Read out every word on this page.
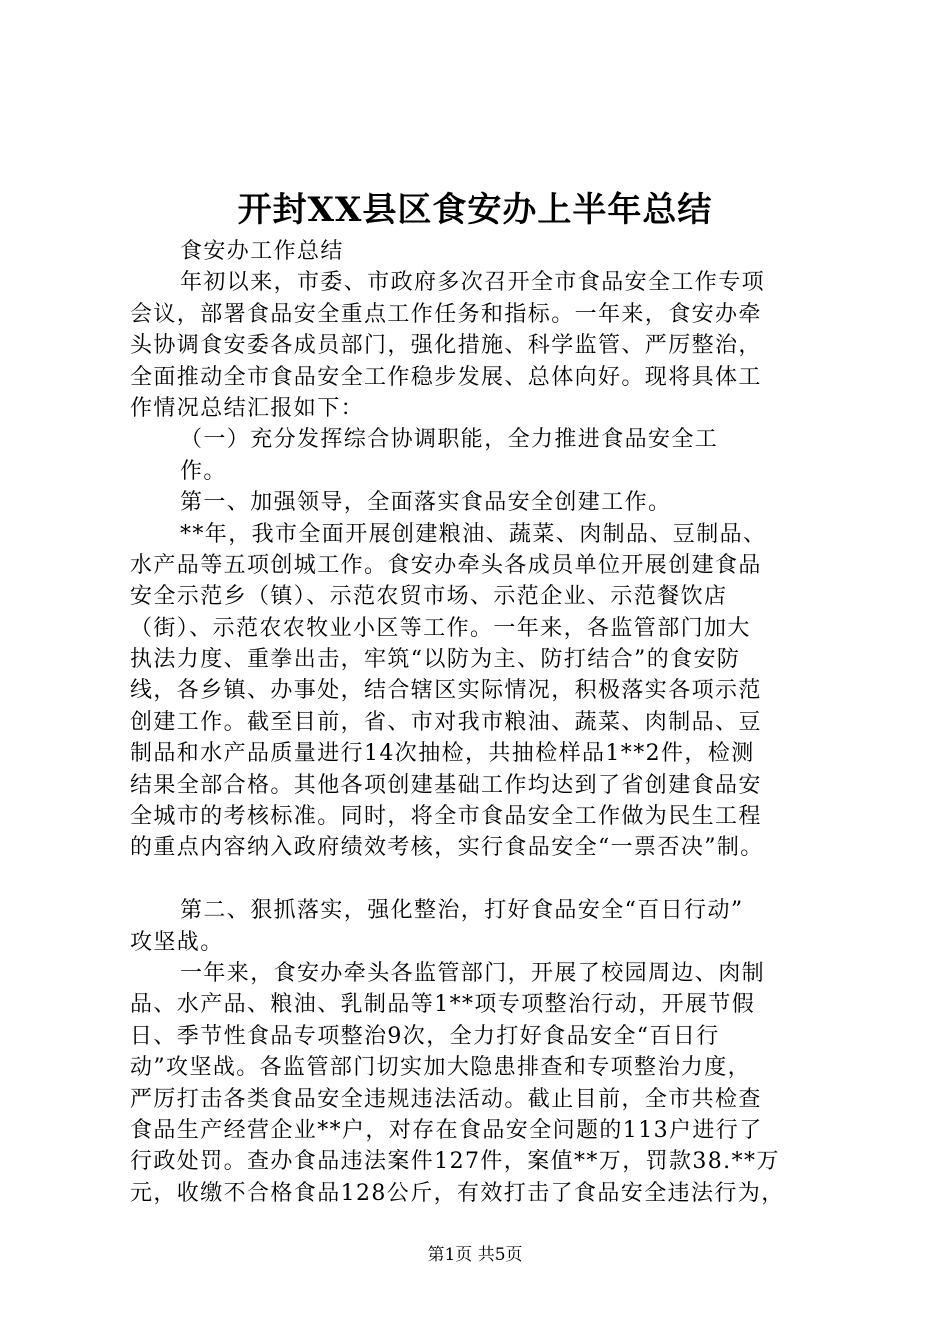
开封XX县区食安办上半年总结
食安办工作总结
年初以来，市委、市政府多次召开全市食品安全工作专项
会议，部署食品安全重点工作任务和指标。一年来，食安办牵
头协调食安委各成员部门，强化措施、科学监管、严厉整治，
全面推动全市食品安全工作稳步发展、总体向好。现将具体工
作情况总结汇报如下：
（一）充分发挥综合协调职能，全力推进食品安全工
作。
第一、加强领导，全面落实食品安全创建工作。
**年，我市全面开展创建粮油、蔬菜、肉制品、豆制品、
水产品等五项创城工作。食安办牵头各成员单位开展创建食品
安全示范乡（镇）、示范农贸市场、示范企业、示范餐饮店
（街）、示范农农牧业小区等工作。一年来，各监管部门加大
执法力度、重拳出击，牢筑“以防为主、防打结合”的食安防
线，各乡镇、办事处，结合辖区实际情况，积极落实各项示范
创建工作。截至目前，省、市对我市粮油、蔬菜、肉制品、豆
制品和水产品质量进行14次抽检，共抽检样品1**2件，检测
结果全部合格。其他各项创建基础工作均达到了省创建食品安
全城市的考核标准。同时，将全市食品安全工作做为民生工程
的重点内容纳入政府绩效考核，实行食品安全“一票否决”制。
第二、狠抓落实，强化整治，打好食品安全“百日行动”
攻坚战。
一年来，食安办牵头各监管部门，开展了校园周边、肉制
品、水产品、粮油、乳制品等1**项专项整治行动，开展节假
日、季节性食品专项整治9次，全力打好食品安全“百日行
动”攻坚战。各监管部门切实加大隐患排查和专项整治力度，
严厉打击各类食品安全违规违法活动。截止目前，全市共检查
食品生产经营企业**户，对存在食品安全问题的113户进行了
行政处罚。查办食品违法案件127件，案值**万，罚款38.**万
元，收缴不合格食品128公斤，有效打击了食品安全违法行为，
第1页 共5页
